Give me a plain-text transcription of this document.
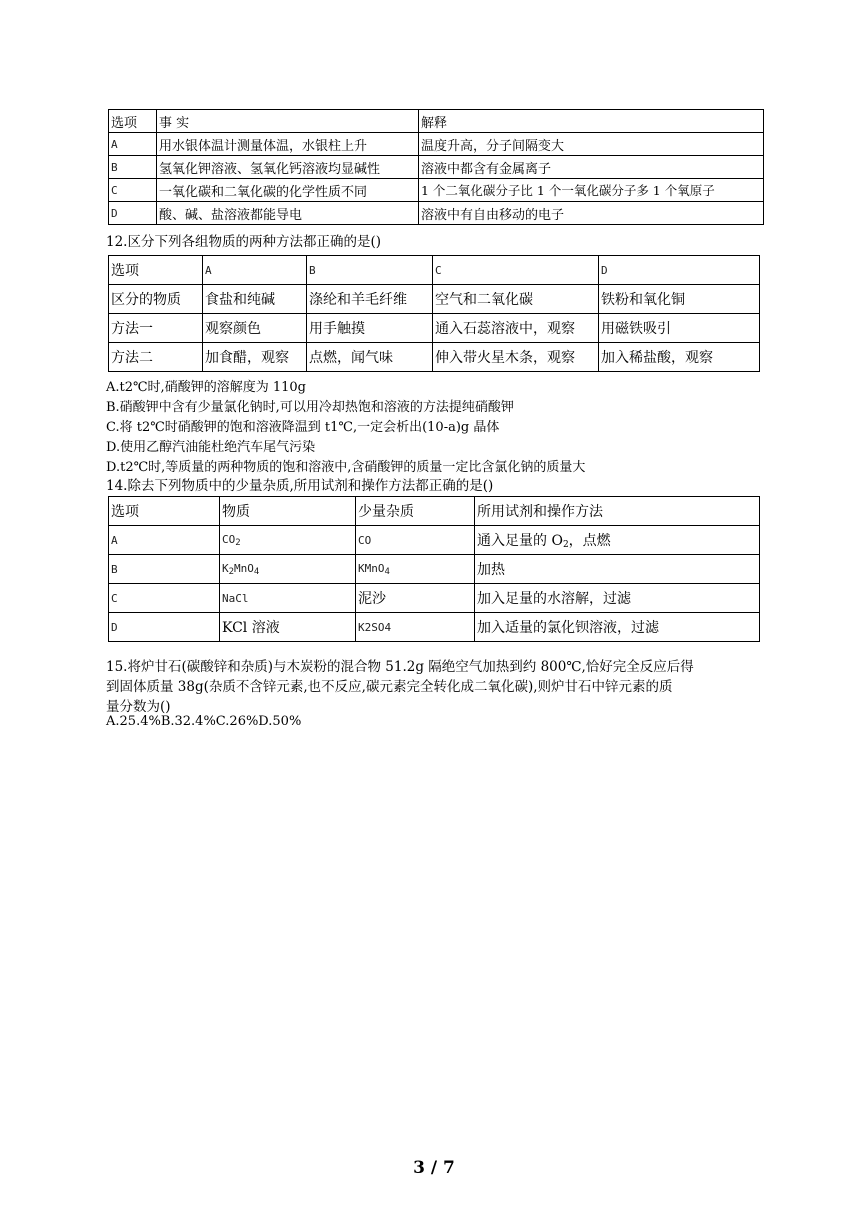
选项	事 实	解释
A	用水银体温计测量体温，水银柱上升	温度升高，分子间隔变大
B	氢氧化钾溶液、氢氧化钙溶液均显碱性	溶液中都含有金属离子
C	一氧化碳和二氧化碳的化学性质不同	1 个二氧化碳分子比 1 个一氧化碳分子多 1 个氧原子
D	酸、碱、盐溶液都能导电	溶液中有自由移动的电子
12.区分下列各组物质的两种方法都正确的是()
选项	A	B	C	D
区分的物质	食盐和纯碱	涤纶和羊毛纤维	空气和二氧化碳	铁粉和氧化铜
方法一	观察颜色	用手触摸	通入石蕊溶液中，观察	用磁铁吸引
方法二	加食醋，观察	点燃，闻气味	伸入带火星木条，观察	加入稀盐酸，观察
A.t2℃时,硝酸钾的溶解度为 110g
B.硝酸钾中含有少量氯化钠时,可以用冷却热饱和溶液的方法提纯硝酸钾
C.将 t2℃时硝酸钾的饱和溶液降温到 t1℃,一定会析出(10-a)g 晶体
D.使用乙醇汽油能杜绝汽车尾气污染
D.t2℃时,等质量的两种物质的饱和溶液中,含硝酸钾的质量一定比含氯化钠的质量大
14.除去下列物质中的少量杂质,所用试剂和操作方法都正确的是()
选项	物质	少量杂质	所用试剂和操作方法
A	$CO_2$	CO	通入足量的 $O_2$，点燃
B	$K_2MnO_4$	KMnO$_4$	加热
C	NaCl	泥沙	加入足量的水溶解，过滤
D	KCl 溶液	K2SO4	加入适量的氯化钡溶液，过滤
15.将炉甘石(碳酸锌和杂质)与木炭粉的混合物 51.2g 隔绝空气加热到约 800℃,恰好完全反应后得
到固体质量 38g(杂质不含锌元素,也不反应,碳元素完全转化成二氧化碳),则炉甘石中锌元素的质
量分数为()
A.25.4%B.32.4%C.26%D.50%
3 / 7
